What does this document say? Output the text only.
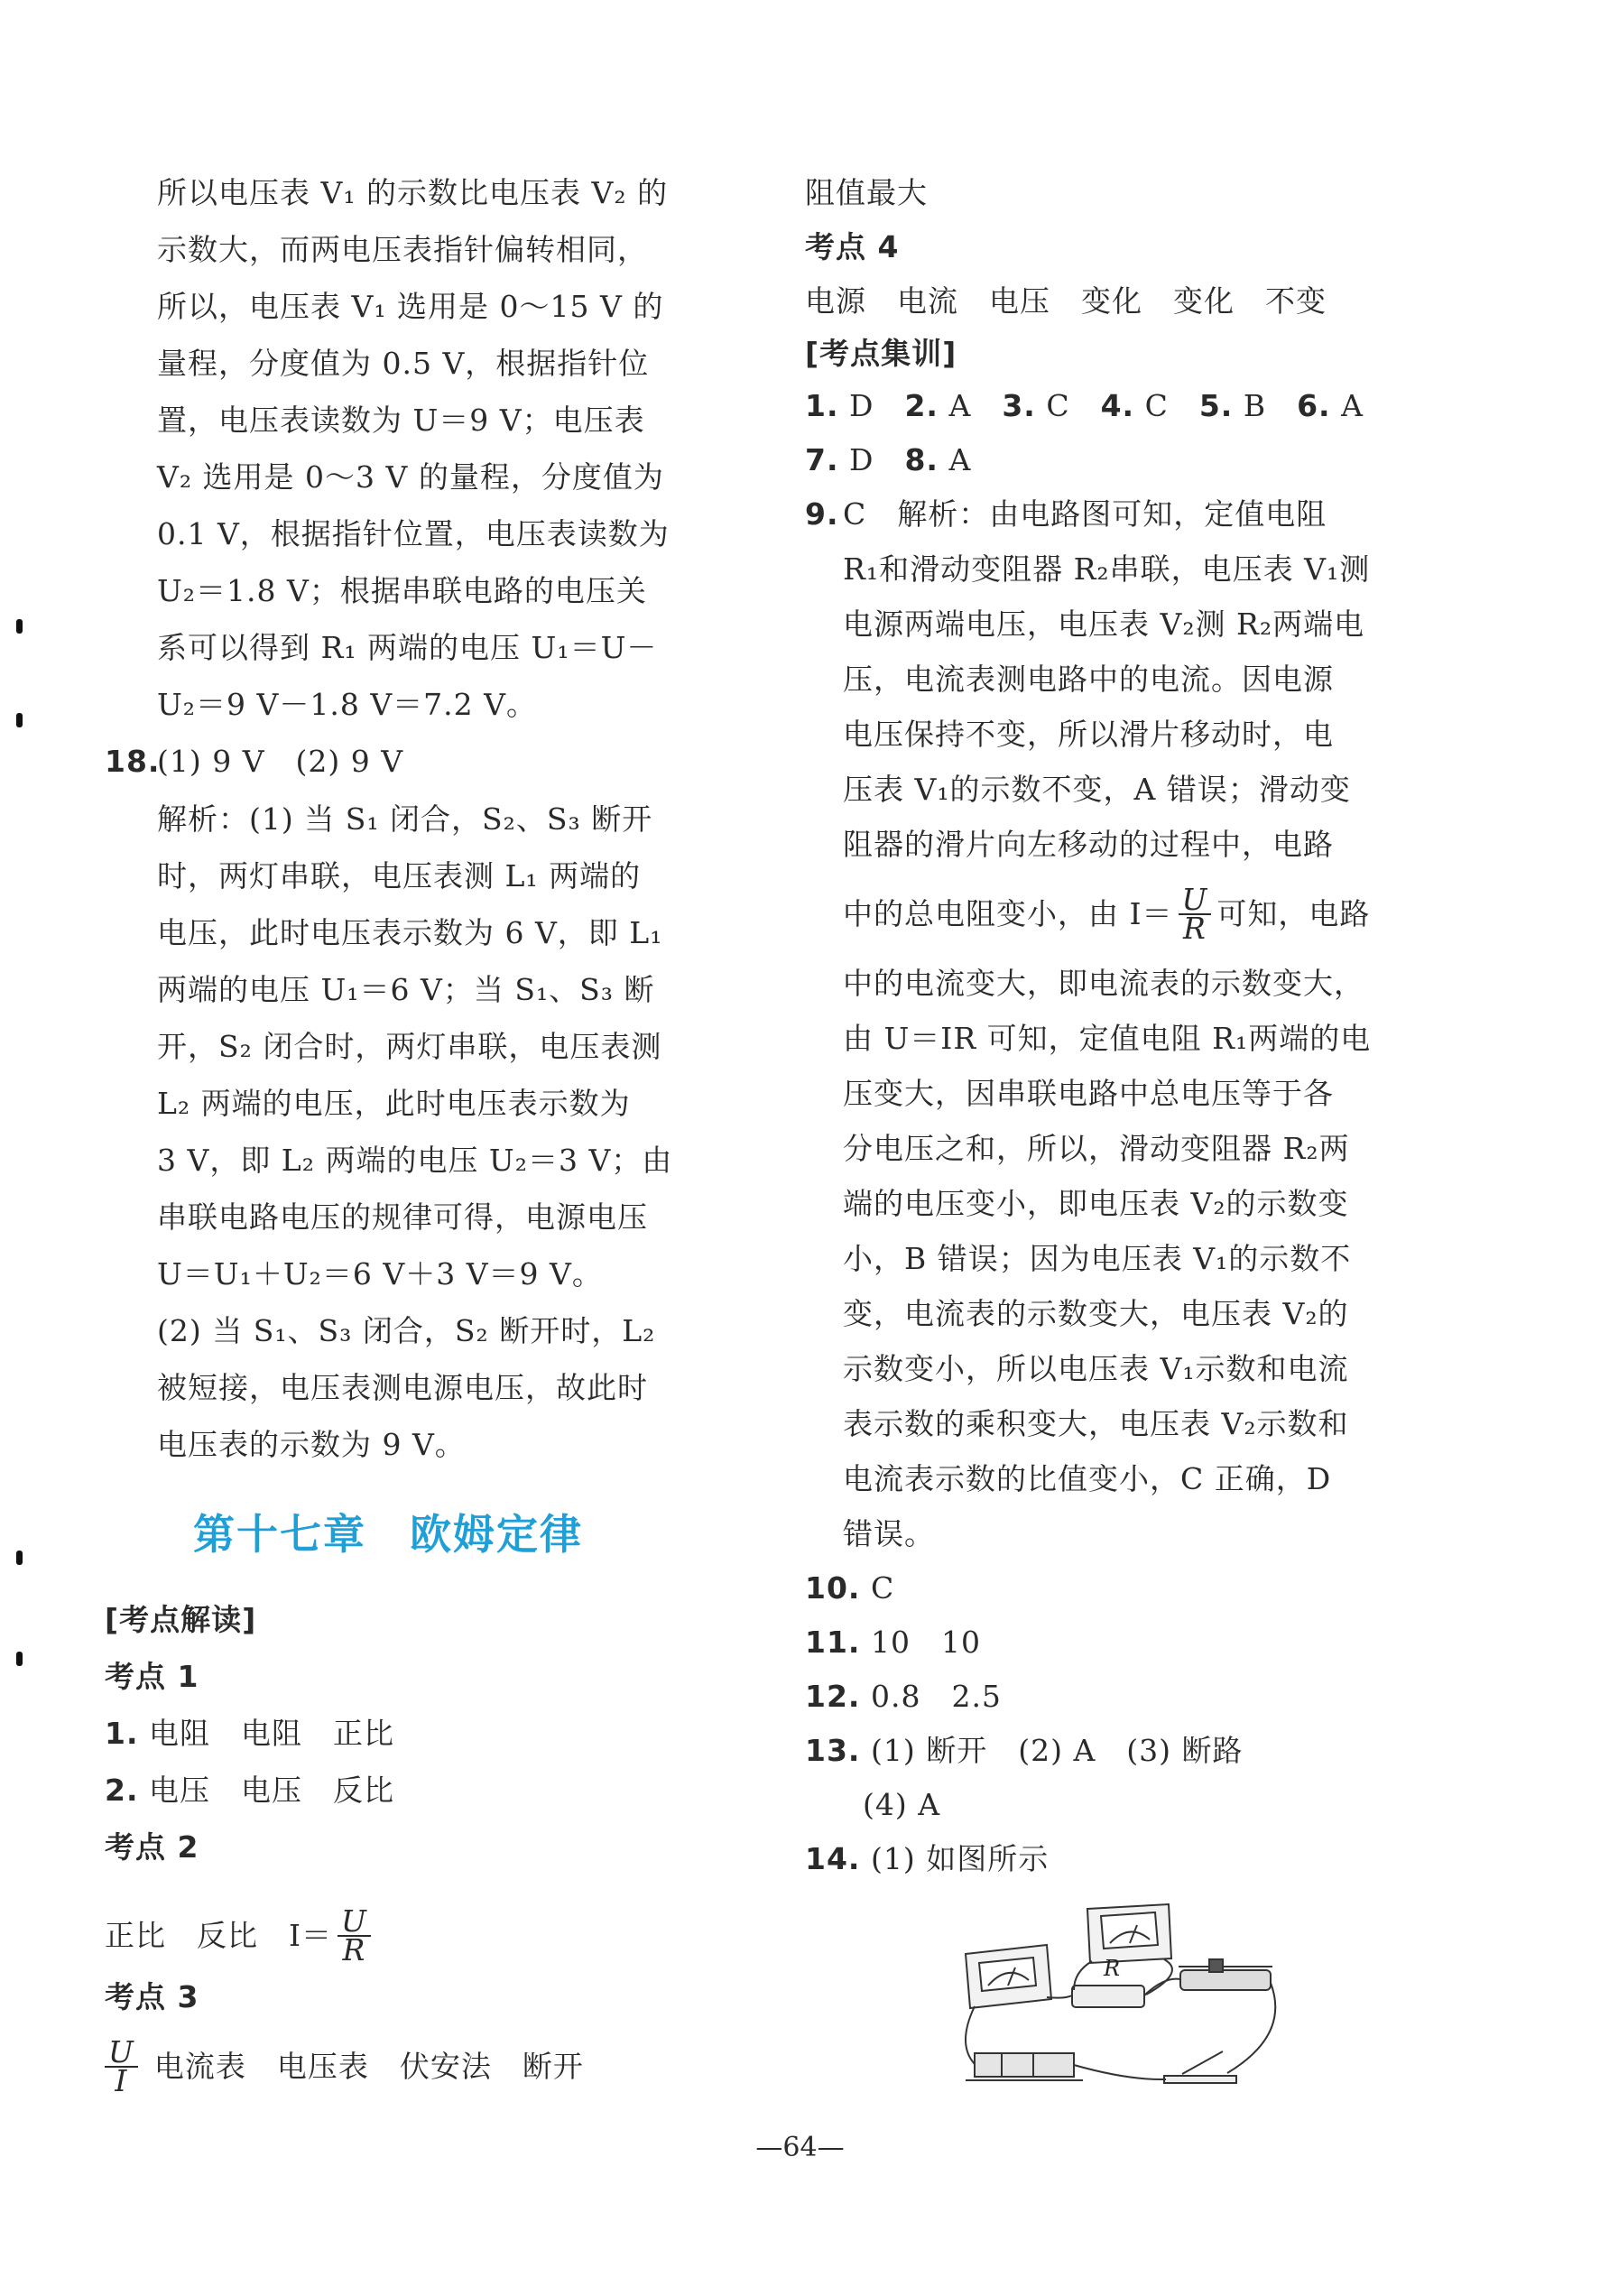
所以电压表 V₁ 的示数比电压表 V₂ 的
示数大，而两电压表指针偏转相同，
所以，电压表 V₁ 选用是 0～15 V 的
量程，分度值为 0.5 V，根据指针位
置，电压表读数为 U＝9 V；电压表
V₂ 选用是 0～3 V 的量程，分度值为
0.1 V，根据指针位置，电压表读数为
U₂＝1.8 V；根据串联电路的电压关
系可以得到 R₁ 两端的电压 U₁＝U－
U₂＝9 V－1.8 V＝7.2 V。
18.
(1) 9 V　(2) 9 V
解析：(1) 当 S₁ 闭合，S₂、S₃ 断开
时，两灯串联，电压表测 L₁ 两端的
电压，此时电压表示数为 6 V，即 L₁
两端的电压 U₁＝6 V；当 S₁、S₃ 断
开，S₂ 闭合时，两灯串联，电压表测
L₂ 两端的电压，此时电压表示数为
3 V，即 L₂ 两端的电压 U₂＝3 V；由
串联电路电压的规律可得，电源电压
U＝U₁＋U₂＝6 V＋3 V＝9 V。
(2) 当 S₁、S₃ 闭合，S₂ 断开时，L₂
被短接，电压表测电源电压，故此时
电压表的示数为 9 V。
第十七章　欧姆定律
[考点解读]
考点 1
1. 电阻　电阻　正比
2. 电压　电压　反比
考点 2
正比　反比　$I= \frac{U}{R}$
考点 3
$\frac{U}{I}$ 电流表　电压表　伏安法　断开
阻值最大
考点 4
电源　电流　电压　变化　变化　不变
[考点集训]
1. D　 2. A　 3. C　 4. C　 5. B　 6. A
7. D　 8. A
9. C　解析：由电路图可知，定值电阻
R₁和滑动变阻器 R₂串联，电压表 V₁测
电源两端电压，电压表 V₂测 R₂两端电
压，电流表测电路中的电流。因电源
电压保持不变，所以滑片移动时，电
压表 V₁的示数不变，A 错误；滑动变
阻器的滑片向左移动的过程中，电路
中的总电阻变小，由 $I= \frac{U}{R}$ 可知，电路
中的电流变大，即电流表的示数变大，
由 U＝IR 可知，定值电阻 R₁两端的电
压变大，因串联电路中总电压等于各
分电压之和，所以，滑动变阻器 R₂两
端的电压变小，即电压表 V₂的示数变
小，B 错误；因为电压表 V₁的示数不
变，电流表的示数变大，电压表 V₂的
示数变小，所以电压表 V₁示数和电流
表示数的乘积变大，电压表 V₂示数和
电流表示数的比值变小，C 正确，D
错误。
10. C
11. 10　10
12. 0.8　2.5
13. (1) 断开　(2) A　(3) 断路
(4) A
14. (1) 如图所示
R
—64—
